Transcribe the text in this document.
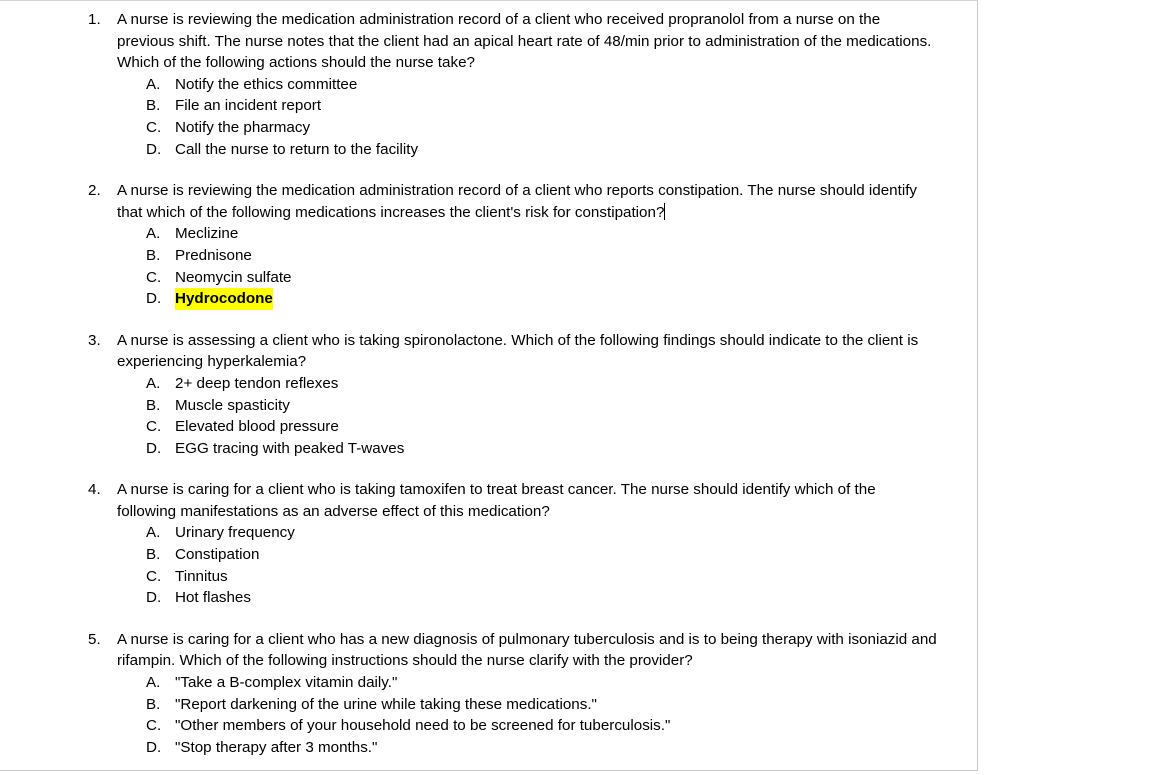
1.	A nurse is reviewing the medication administration record of a client who received propranolol from a nurse on the previous shift. The nurse notes that the client had an apical heart rate of 48/min prior to administration of the medications. Which of the following actions should the nurse take?
A. Notify the ethics committee
B. File an incident report
C. Notify the pharmacy
D. Call the nurse to return to the facility
2.	A nurse is reviewing the medication administration record of a client who reports constipation. The nurse should identify that which of the following medications increases the client's risk for constipation?
A. Meclizine
B. Prednisone
C. Neomycin sulfate
D. Hydrocodone
3.	A nurse is assessing a client who is taking spironolactone. Which of the following findings should indicate to the client is experiencing hyperkalemia?
A. 2+ deep tendon reflexes
B. Muscle spasticity
C. Elevated blood pressure
D. EGG tracing with peaked T-waves
4.	A nurse is caring for a client who is taking tamoxifen to treat breast cancer. The nurse should identify which of the following manifestations as an adverse effect of this medication?
A. Urinary frequency
B. Constipation
C. Tinnitus
D. Hot flashes
5.	A nurse is caring for a client who has a new diagnosis of pulmonary tuberculosis and is to being therapy with isoniazid and rifampin. Which of the following instructions should the nurse clarify with the provider?
A. "Take a B-complex vitamin daily."
B. "Report darkening of the urine while taking these medications."
C. "Other members of your household need to be screened for tuberculosis."
D. "Stop therapy after 3 months."
